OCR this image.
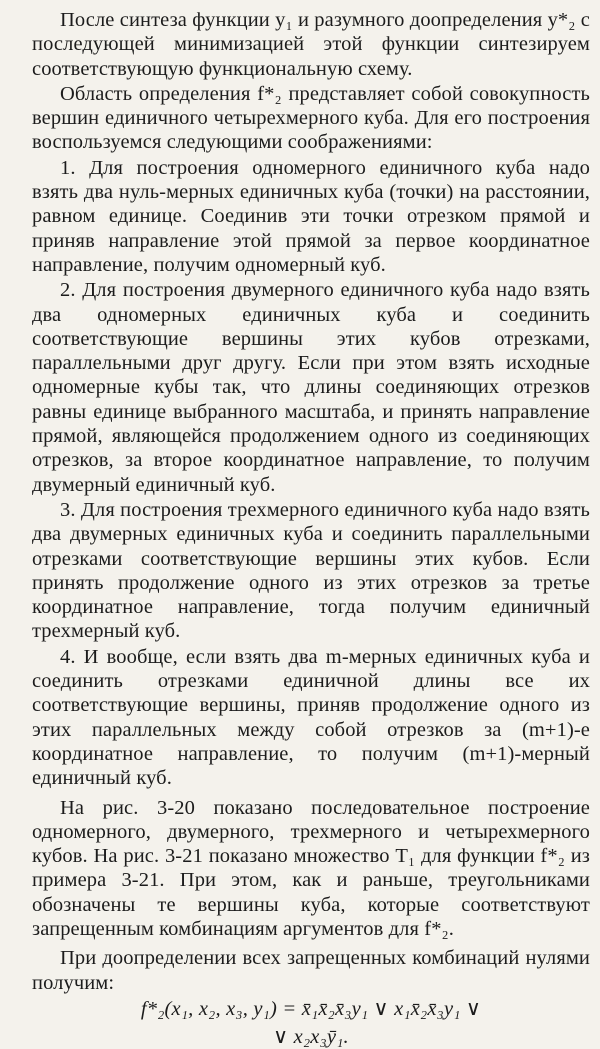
После синтеза функции y₁ и разумного доопределения y*₂ с последующей минимизацией этой функции синтезируем соответствующую функциональную схему.

Область определения f*₂ представляет собой совокупность вершин единичного четырехмерного куба. Для его построения воспользуемся следующими соображениями:

1. Для построения одномерного единичного куба надо взять два нуль-мерных единичных куба (точки) на расстоянии, равном единице. Соединив эти точки отрезком прямой и приняв направление этой прямой за первое координатное направление, получим одномерный куб.

2. Для построения двумерного единичного куба надо взять два одномерных единичных куба и соединить соответствующие вершины этих кубов отрезками, параллельными друг другу. Если при этом взять исходные одномерные кубы так, что длины соединяющих отрезков равны единице выбранного масштаба, и принять направление прямой, являющейся продолжением одного из соединяющих отрезков, за второе координатное направление, то получим двумерный единичный куб.

3. Для построения трехмерного единичного куба надо взять два двумерных единичных куба и соединить параллельными отрезками соответствующие вершины этих кубов. Если принять продолжение одного из этих отрезков за третье координатное направление, тогда получим единичный трехмерный куб.

4. И вообще, если взять два m-мерных единичных куба и соединить отрезками единичной длины все их соответствующие вершины, приняв продолжение одного из этих параллельных между собой отрезков за (m+1)-е координатное направление, то получим (m+1)-мерный единичный куб.

На рис. 3-20 показано последовательное построение одномерного, двумерного, трехмерного и четырехмерного кубов. На рис. 3-21 показано множество T₁ для функции f*₂ из примера 3-21. При этом, как и раньше, треугольниками обозначены те вершины куба, которые соответствуют запрещенным комбинациям аргументов для f*₂.

При доопределении всех запрещенных комбинаций нулями получим:

f*₂(x₁, x₂, x₃, y₁) = x̄₁x̄₂x̄₃y₁ ∨ x₁x̄₂x̄₃y₁ ∨
∨ x₂x₃ȳ₁.
